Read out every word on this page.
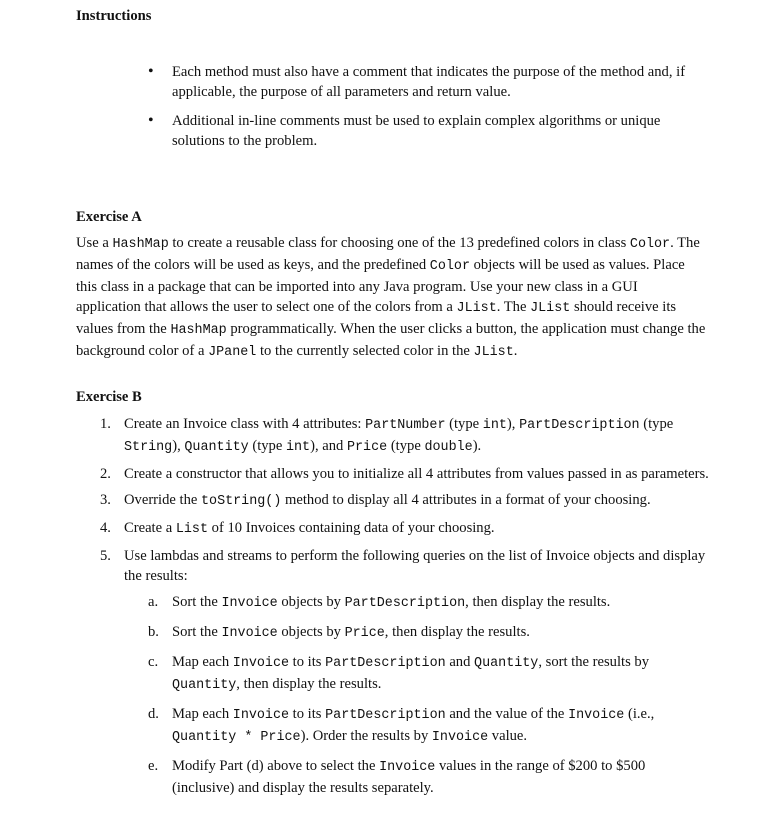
Instructions
• Each method must also have a comment that indicates the purpose of the method and, if applicable, the purpose of all parameters and return value.
• Additional in-line comments must be used to explain complex algorithms or unique solutions to the problem.
Exercise A

Use a HashMap to create a reusable class for choosing one of the 13 predefined colors in class Color. The names of the colors will be used as keys, and the predefined Color objects will be used as values. Place this class in a package that can be imported into any Java program. Use your new class in a GUI application that allows the user to select one of the colors from a JList. The JList should receive its values from the HashMap programmatically. When the user clicks a button, the application must change the background color of a JPanel to the currently selected color in the JList.

Exercise B
1. Create an Invoice class with 4 attributes: PartNumber (type int), PartDescription (type String), Quantity (type int), and Price (type double).
2. Create a constructor that allows you to initialize all 4 attributes from values passed in as parameters.
3. Override the toString() method to display all 4 attributes in a format of your choosing.
4. Create a List of 10 Invoices containing data of your choosing.
5. Use lambdas and streams to perform the following queries on the list of Invoice objects and display the results:
a. Sort the Invoice objects by PartDescription, then display the results.
b. Sort the Invoice objects by Price, then display the results.
c. Map each Invoice to its PartDescription and Quantity, sort the results by Quantity, then display the results.
d. Map each Invoice to its PartDescription and the value of the Invoice (i.e., Quantity * Price). Order the results by Invoice value.
e. Modify Part (d) above to select the Invoice values in the range of $200 to $500 (inclusive) and display the results separately.
